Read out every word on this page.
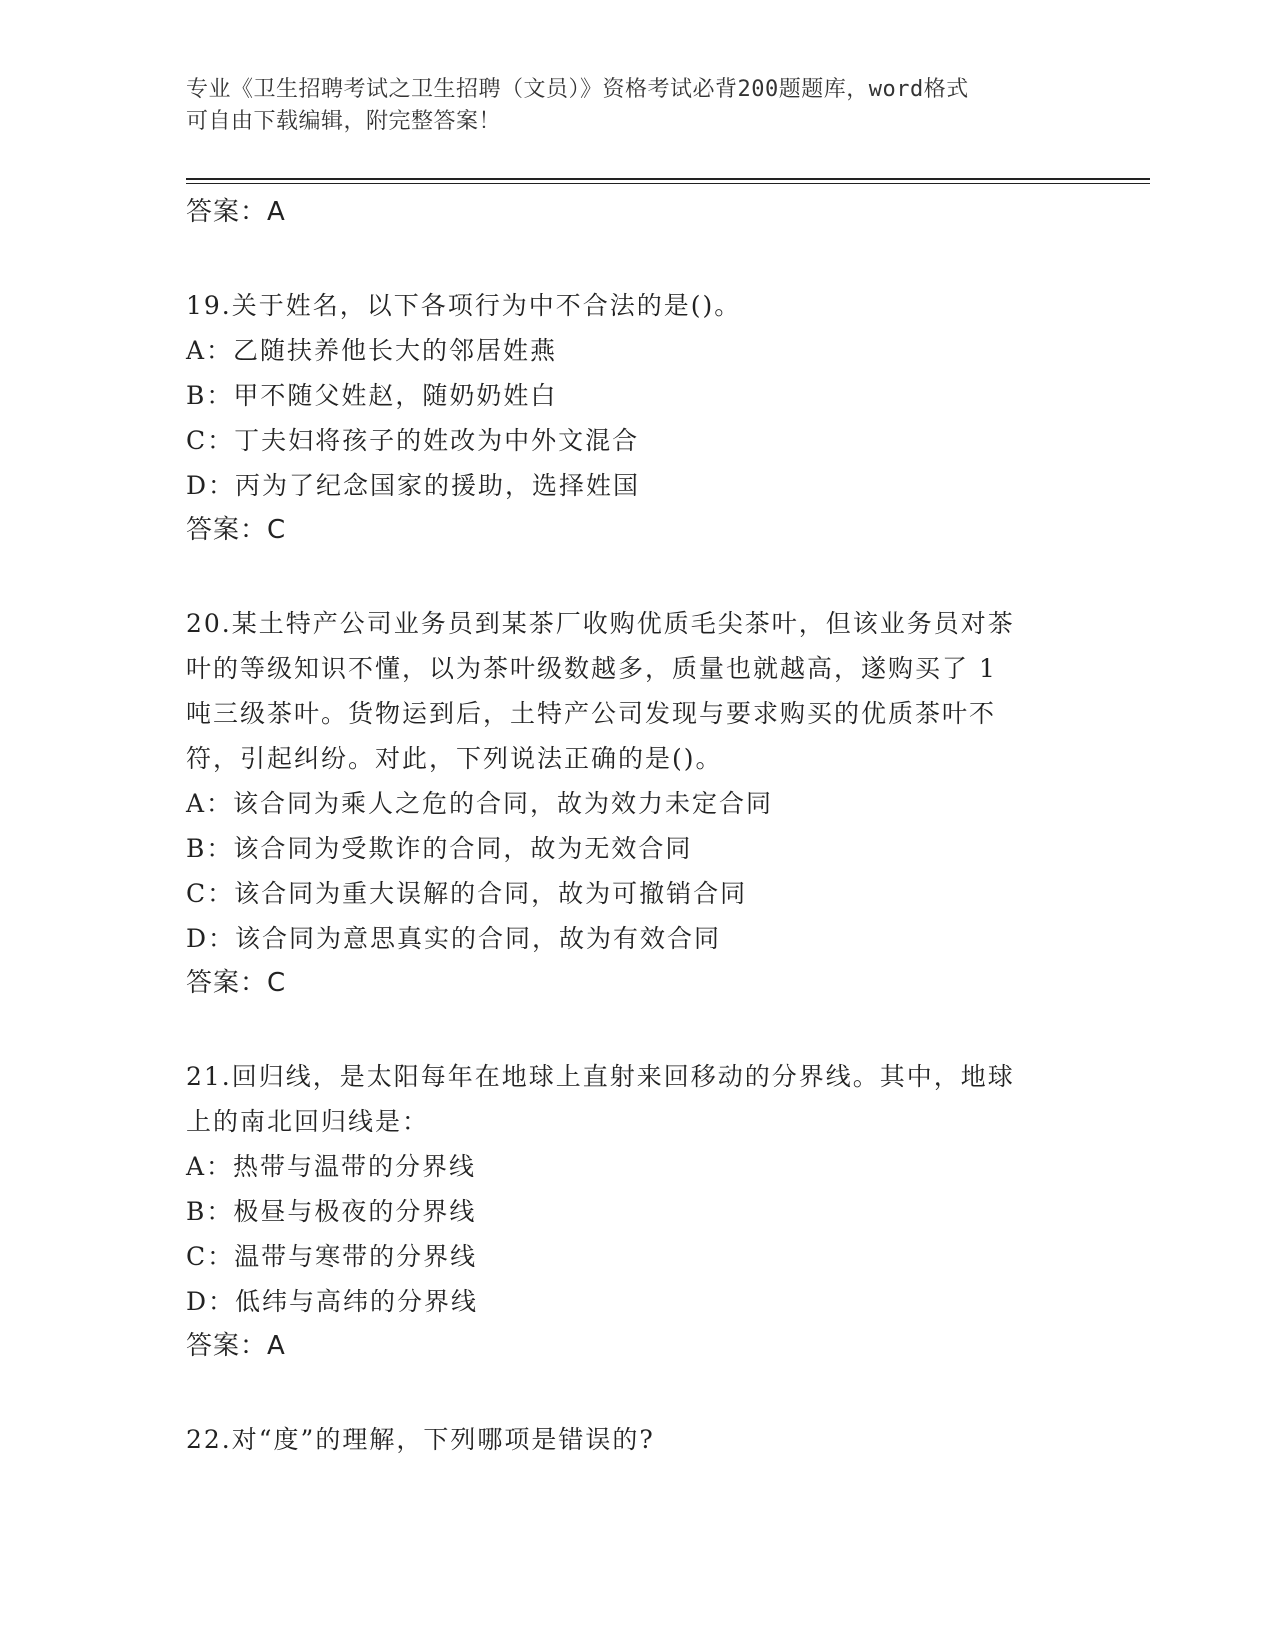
专业《卫生招聘考试之卫生招聘（文员）》资格考试必背200题题库，word格式
可自由下载编辑，附完整答案！
答案：A
19.关于姓名，以下各项行为中不合法的是()。
A：乙随扶养他长大的邻居姓燕
B：甲不随父姓赵，随奶奶姓白
C：丁夫妇将孩子的姓改为中外文混合
D：丙为了纪念国家的援助，选择姓国
答案：C
20.某土特产公司业务员到某茶厂收购优质毛尖茶叶，但该业务员对茶
叶的等级知识不懂，以为茶叶级数越多，质量也就越高，遂购买了 1
吨三级茶叶。货物运到后，土特产公司发现与要求购买的优质茶叶不
符，引起纠纷。对此，下列说法正确的是()。
A：该合同为乘人之危的合同，故为效力未定合同
B：该合同为受欺诈的合同，故为无效合同
C：该合同为重大误解的合同，故为可撤销合同
D：该合同为意思真实的合同，故为有效合同
答案：C
21.回归线，是太阳每年在地球上直射来回移动的分界线。其中，地球
上的南北回归线是：
A：热带与温带的分界线
B：极昼与极夜的分界线
C：温带与寒带的分界线
D：低纬与高纬的分界线
答案：A
22.对“度”的理解，下列哪项是错误的?
